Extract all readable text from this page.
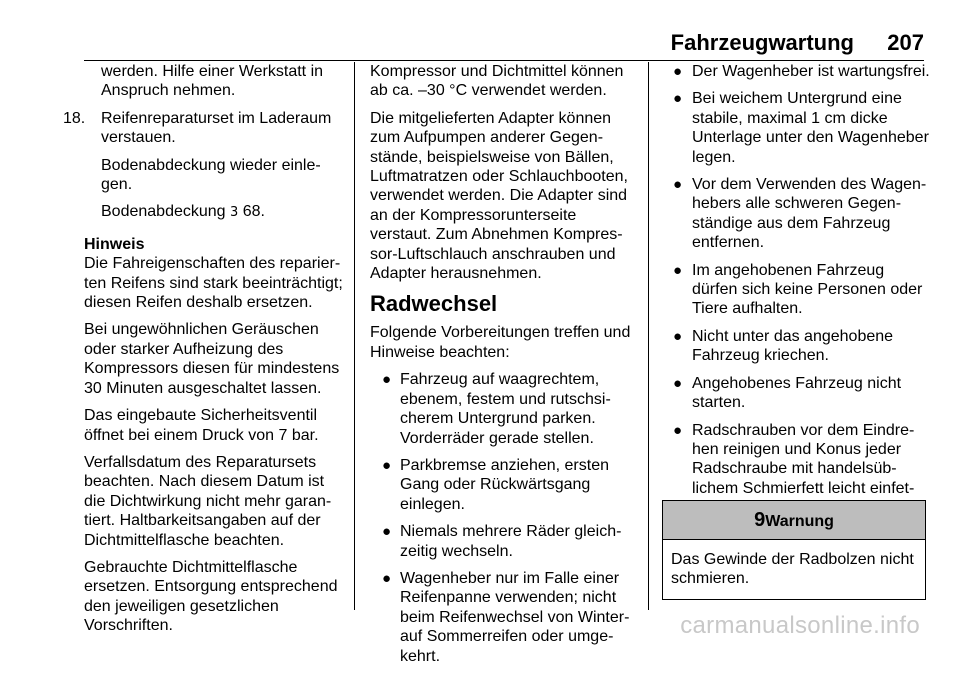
Fahrzeugwartung 207

werden. Hilfe einer Werkstatt in Anspruch nehmen.

18. Reifenreparaturset im Laderaum verstauen.
Bodenabdeckung wieder einlegen.
Bodenabdeckung 3 68.
Hinweis

Die Fahreigenschaften des reparierten Reifens sind stark beeinträchtigt; diesen Reifen deshalb ersetzen.

Bei ungewöhnlichen Geräuschen oder starker Aufheizung des Kompressors diesen für mindestens 30 Minuten ausgeschaltet lassen.

Das eingebaute Sicherheitsventil öffnet bei einem Druck von 7 bar.

Verfallsdatum des Reparatursets beachten. Nach diesem Datum ist die Dichtwirkung nicht mehr garantiert. Haltbarkeitsangaben auf der Dichtmittelflasche beachten.

Gebrauchte Dichtmittelflasche ersetzen. Entsorgung entsprechend den jeweiligen gesetzlichen Vorschriften.

Kompressor und Dichtmittel können ab ca. –30 °C verwendet werden.

Die mitgelieferten Adapter können zum Aufpumpen anderer Gegenstände, beispielsweise von Bällen, Luftmatratzen oder Schlauchbooten, verwendet werden. Die Adapter sind an der Kompressorunterseite verstaut. Zum Abnehmen Kompressor-Luftschlauch anschrauben und Adapter herausnehmen.

Radwechsel

Folgende Vorbereitungen treffen und Hinweise beachten:

● Fahrzeug auf waagrechtem, ebenem, festem und rutschsicherem Untergrund parken. Vorderräder gerade stellen.
● Parkbremse anziehen, ersten Gang oder Rückwärtsgang einlegen.
● Niemals mehrere Räder gleichzeitig wechseln.
● Wagenheber nur im Falle einer Reifenpanne verwenden; nicht beim Reifenwechsel von Winter- auf Sommerreifen oder umgekehrt.
● Der Wagenheber ist wartungsfrei.
● Bei weichem Untergrund eine stabile, maximal 1 cm dicke Unterlage unter den Wagenheber legen.
● Vor dem Verwenden des Wagenhebers alle schweren Gegenständige aus dem Fahrzeug entfernen.
● Im angehobenen Fahrzeug dürfen sich keine Personen oder Tiere aufhalten.
● Nicht unter das angehobene Fahrzeug kriechen.
● Angehobenes Fahrzeug nicht starten.
● Radschrauben vor dem Eindrehen reinigen und Konus jeder Radschraube mit handelsüblichem Schmierfett leicht einfet
9Warnung
Das Gewinde der Radbolzen nicht schmieren.
carmanualsonline.info
